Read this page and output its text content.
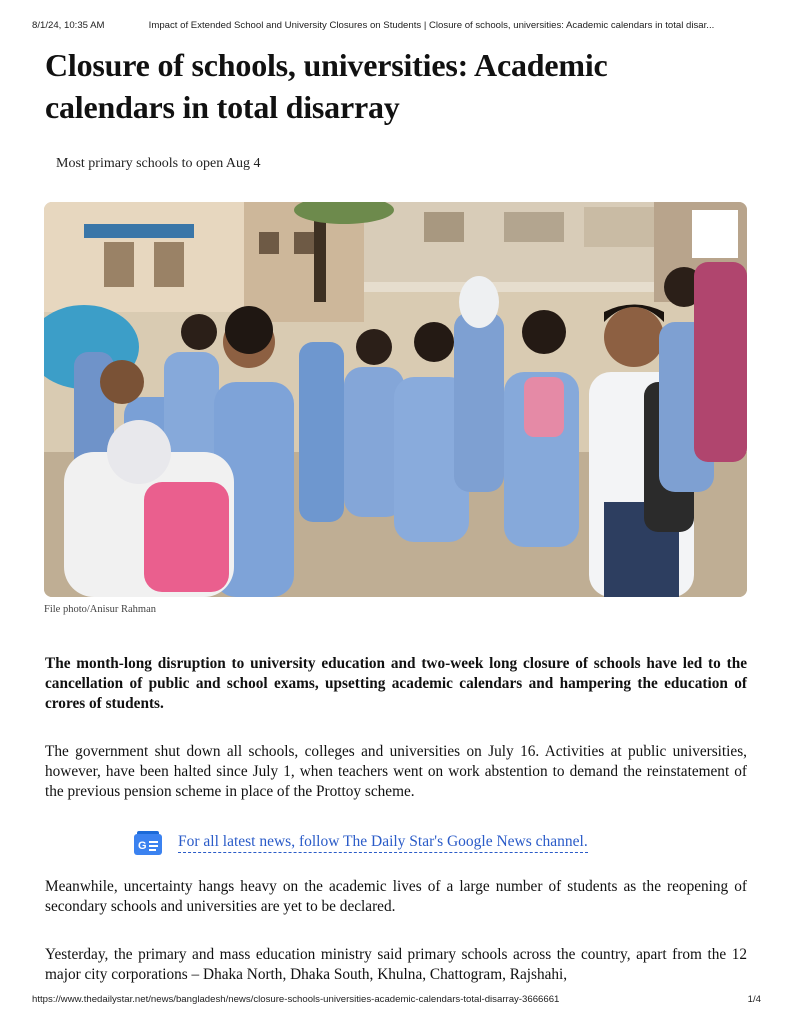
8/1/24, 10:35 AM	Impact of Extended School and University Closures on Students | Closure of schools, universities: Academic calendars in total disar...
Closure of schools, universities: Academic calendars in total disarray
Most primary schools to open Aug 4
File photo/Anisur Rahman

The month-long disruption to university education and two-week long closure of schools have led to the cancellation of public and school exams, upsetting academic calendars and hampering the education of crores of students.

The government shut down all schools, colleges and universities on July 16. Activities at public universities, however, have been halted since July 1, when teachers went on work abstention to demand the reinstatement of the previous pension scheme in place of the Prottoy scheme.

G For all latest news, follow The Daily Star's Google News channel.

Meanwhile, uncertainty hangs heavy on the academic lives of a large number of students as the reopening of secondary schools and universities are yet to be declared.

Yesterday, the primary and mass education ministry said primary schools across the country, apart from the 12 major city corporations – Dhaka North, Dhaka South, Khulna, Chattogram, Rajshahi,

https://www.thedailystar.net/news/bangladesh/news/closure-schools-universities-academic-calendars-total-disarray-3666661	1/4
